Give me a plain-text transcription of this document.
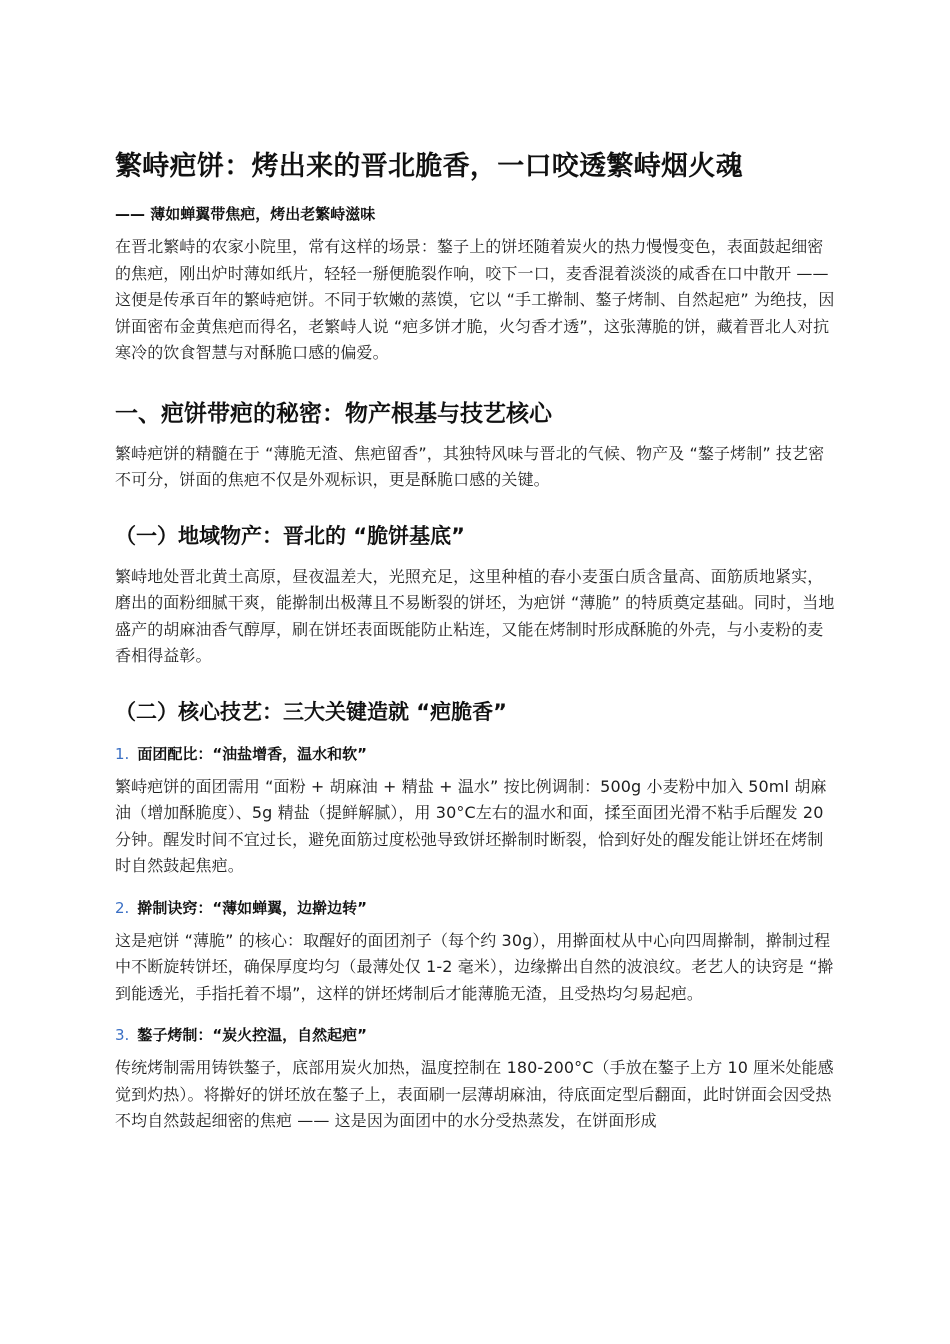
繁峙疤饼：烤出来的晋北脆香，一口咬透繁峙烟火魂
—— 薄如蝉翼带焦疤，烤出老繁峙滋味

在晋北繁峙的农家小院里，常有这样的场景：鏊子上的饼坯随着炭火的热力慢慢变色，表面鼓起细密的焦疤，刚出炉时薄如纸片，轻轻一掰便脆裂作响，咬下一口，麦香混着淡淡的咸香在口中散开 —— 这便是传承百年的繁峙疤饼。不同于软嫩的蒸馍，它以 “手工擀制、鏊子烤制、自然起疤” 为绝技，因饼面密布金黄焦疤而得名，老繁峙人说 “疤多饼才脆，火匀香才透”，这张薄脆的饼，藏着晋北人对抗寒冷的饮食智慧与对酥脆口感的偏爱。

一、疤饼带疤的秘密：物产根基与技艺核心

繁峙疤饼的精髓在于 “薄脆无渣、焦疤留香”，其独特风味与晋北的气候、物产及 “鏊子烤制” 技艺密不可分，饼面的焦疤不仅是外观标识，更是酥脆口感的关键。

（一）地域物产：晋北的 “脆饼基底”

繁峙地处晋北黄土高原，昼夜温差大，光照充足，这里种植的春小麦蛋白质含量高、面筋质地紧实，磨出的面粉细腻干爽，能擀制出极薄且不易断裂的饼坯，为疤饼 “薄脆” 的特质奠定基础。同时，当地盛产的胡麻油香气醇厚，刷在饼坯表面既能防止粘连，又能在烤制时形成酥脆的外壳，与小麦粉的麦香相得益彰。

（二）核心技艺：三大关键造就 “疤脆香”
1. 面团配比：“油盐增香，温水和软”

繁峙疤饼的面团需用 “面粉 + 胡麻油 + 精盐 + 温水” 按比例调制：500g 小麦粉中加入 50ml 胡麻油（增加酥脆度）、5g 精盐（提鲜解腻），用 30°C左右的温水和面，揉至面团光滑不粘手后醒发 20 分钟。醒发时间不宜过长，避免面筋过度松弛导致饼坯擀制时断裂，恰到好处的醒发能让饼坯在烤制时自然鼓起焦疤。

2. 擀制诀窍：“薄如蝉翼，边擀边转”

这是疤饼 “薄脆” 的核心：取醒好的面团剂子（每个约 30g），用擀面杖从中心向四周擀制，擀制过程中不断旋转饼坯，确保厚度均匀（最薄处仅 1-2 毫米），边缘擀出自然的波浪纹。老艺人的诀窍是 “擀到能透光，手指托着不塌”，这样的饼坯烤制后才能薄脆无渣，且受热均匀易起疤。

3. 鏊子烤制：“炭火控温，自然起疤”

传统烤制需用铸铁鏊子，底部用炭火加热，温度控制在 180-200°C（手放在鏊子上方 10 厘米处能感觉到灼热）。将擀好的饼坯放在鏊子上，表面刷一层薄胡麻油，待底面定型后翻面，此时饼面会因受热不均自然鼓起细密的焦疤 —— 这是因为面团中的水分受热蒸发，在饼面形成
